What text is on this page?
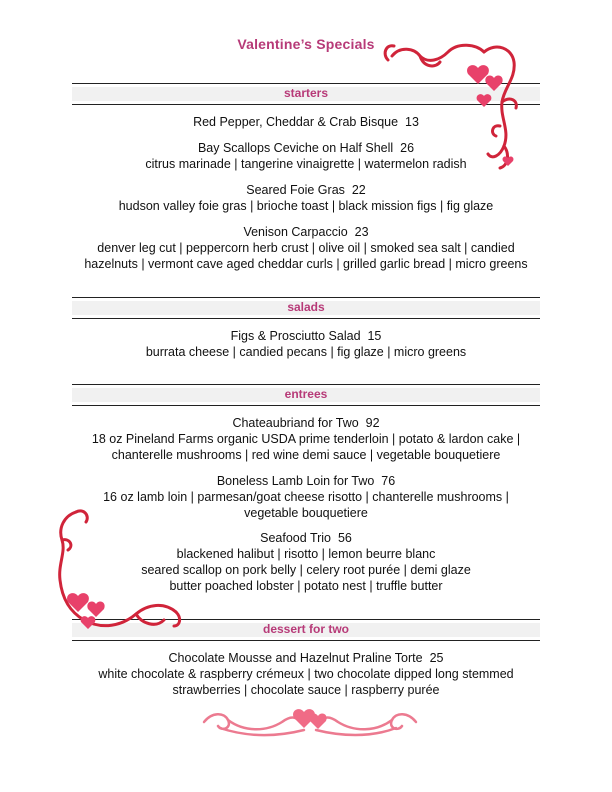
Valentine’s Specials
starters
Red Pepper, Cheddar & Crab Bisque 13
Bay Scallops Ceviche on Half Shell 26
citrus marinade | tangerine vinaigrette | watermelon radish
Seared Foie Gras 22
hudson valley foie gras | brioche toast | black mission figs | fig glaze
Venison Carpaccio 23
denver leg cut | peppercorn herb crust | olive oil | smoked sea salt | candied
hazelnuts | vermont cave aged cheddar curls | grilled garlic bread | micro greens
salads
Figs & Prosciutto Salad 15
burrata cheese | candied pecans | fig glaze | micro greens
entrees
Chateaubriand for Two 92
18 oz Pineland Farms organic USDA prime tenderloin | potato & lardon cake |
chanterelle mushrooms | red wine demi sauce | vegetable bouquetiere
Boneless Lamb Loin for Two 76
16 oz lamb loin | parmesan/goat cheese risotto | chanterelle mushrooms |
vegetable bouquetiere
Seafood Trio 56
blackened halibut | risotto | lemon beurre blanc
seared scallop on pork belly | celery root purée | demi glaze
butter poached lobster | potato nest | truffle butter
dessert for two
Chocolate Mousse and Hazelnut Praline Torte 25
white chocolate & raspberry crémeux | two chocolate dipped long stemmed
strawberries | chocolate sauce | raspberry purée
